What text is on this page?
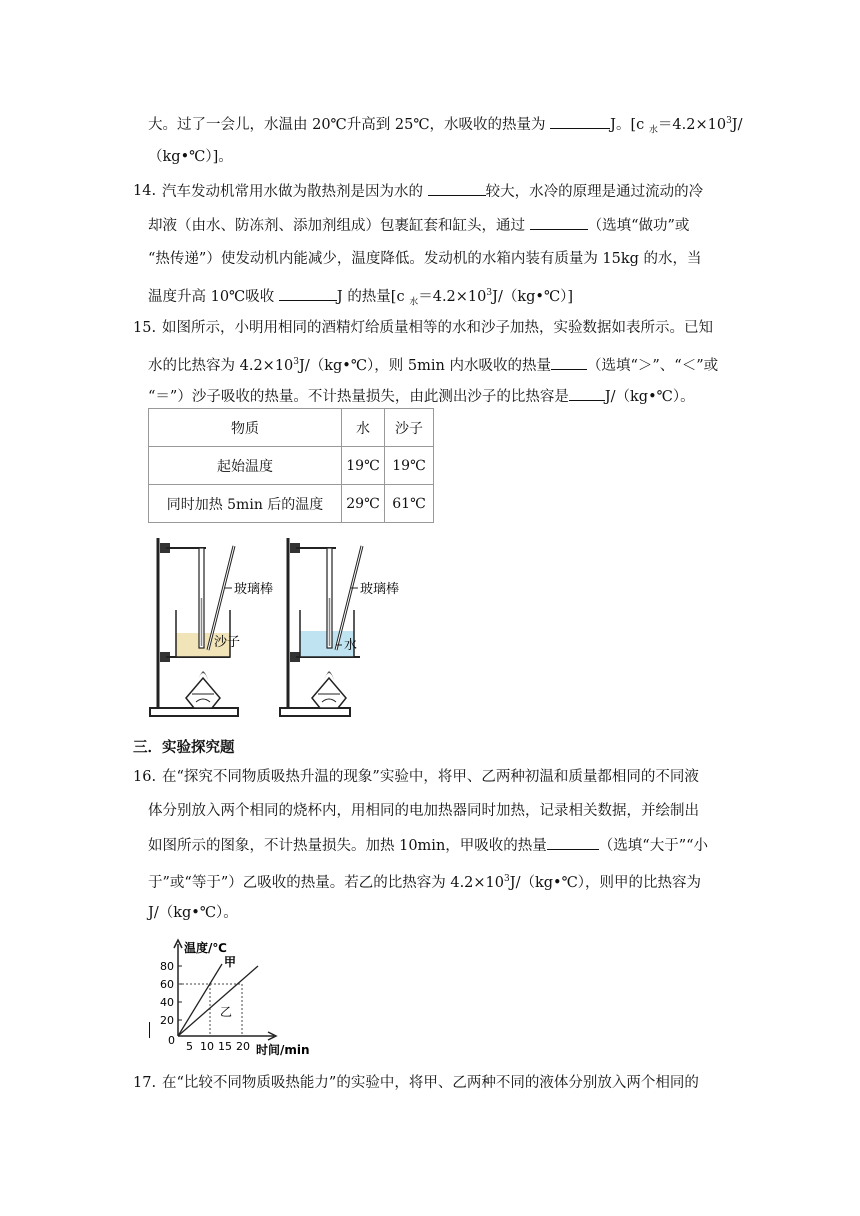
大。过了一会儿，水温由 20℃升高到 25℃，水吸收的热量为	J。[c $_水=4.2\times 10^3J/$
（kg•℃）]。
14. 汽车发动机常用水做为散热剂是因为水的	较大，水冷的原理是通过流动的冷
却液（由水、防冻剂、添加剂组成）包裹缸套和缸头，通过	（选填“做功”或
“热传递”）使发动机内能减少，温度降低。发动机的水箱内装有质量为 15kg 的水，当
温度升高 10℃吸收	J 的热量[c $_水=4.2\times 10^3J/(kg•℃)$]
15. 如图所示，小明用相同的酒精灯给质量相等的水和沙子加热，实验数据如表所示。已知
水的比热容为 $4.2\times 10^3J/(kg•℃)$，则 5min 内水吸收的热量 （选填“＞”、“＜”或
“＝”）沙子吸收的热量。不计热量损失，由此测出沙子的比热容是 J/（kg•℃）。
物质	水	沙子
起始温度	19℃	19℃
同时加热 5min 后的温度	29℃	61℃
玻璃棒
沙子
玻璃棒
水
三．实验探究题
16. 在“探究不同物质吸热升温的现象”实验中，将甲、乙两种初温和质量都相同的不同液
体分别放入两个相同的烧杯内，用相同的电加热器同时加热，记录相关数据，并绘制出
如图所示的图象，不计热量损失。加热 10min，甲吸收的热量	（选填“大于”“小
于”或“等于”）乙吸收的热量。若乙的比热容为 $4.2\times 10^3J/(kg•℃)$，则甲的比热容为
J/（kg•℃）。
80
60
40
20
0 5 10 15 20
甲
乙
温度/℃
时间/min
17. 在“比较不同物质吸热能力”的实验中，将甲、乙两种不同的液体分别放入两个相同的
